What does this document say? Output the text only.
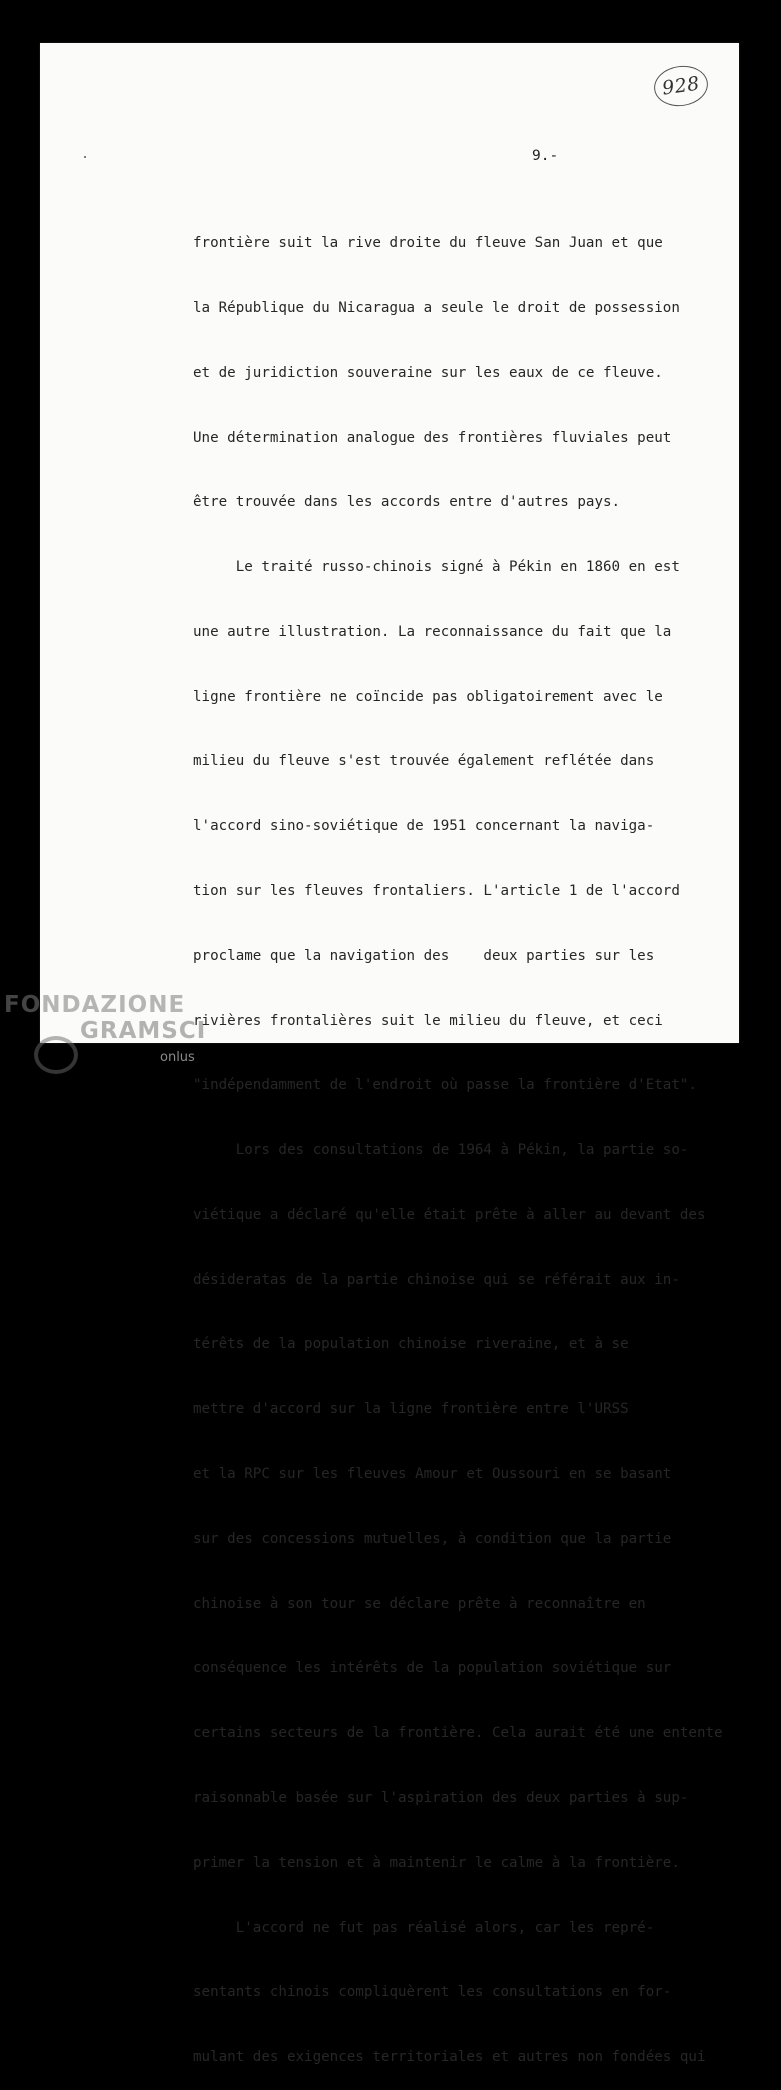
928
9.-

frontière suit la rive droite du fleuve San Juan et que

la République du Nicaragua a seule le droit de possession

et de juridiction souveraine sur les eaux de ce fleuve.

Une détermination analogue des frontières fluviales peut

être trouvée dans les accords entre d'autres pays.

Le traité russo-chinois signé à Pékin en 1860 en est

une autre illustration. La reconnaissance du fait que la

ligne frontière ne coïncide pas obligatoirement avec le

milieu du fleuve s'est trouvée également reflétée dans

l'accord sino-soviétique de 1951 concernant la naviga-

tion sur les fleuves frontaliers. L'article 1 de l'accord

proclame que la navigation des    deux parties sur les

rivières frontalières suit le milieu du fleuve, et ceci

"indépendamment de l'endroit où passe la frontière d'Etat".

Lors des consultations de 1964 à Pékin, la partie so-

viétique a déclaré qu'elle était prête à aller au devant des

désideratas de la partie chinoise qui se référait aux in-

térêts de la population chinoise riveraine, et à se

mettre d'accord sur la ligne frontière entre l'URSS

et la RPC sur les fleuves Amour et Oussouri en se basant

sur des concessions mutuelles, à condition que la partie

chinoise à son tour se déclare prête à reconnaître en

conséquence les intérêts de la population soviétique sur

certains secteurs de la frontière. Cela aurait été une entente

raisonnable basée sur l'aspiration des deux parties à sup-

primer la tension et à maintenir le calme à la frontière.

L'accord ne fut pas réalisé alors, car les repré-

sentants chinois compliquèrent les consultations en for-

mulant des exigences territoriales et autres non fondées qui

FONDAZIONE
GRAMSCI
onlus
